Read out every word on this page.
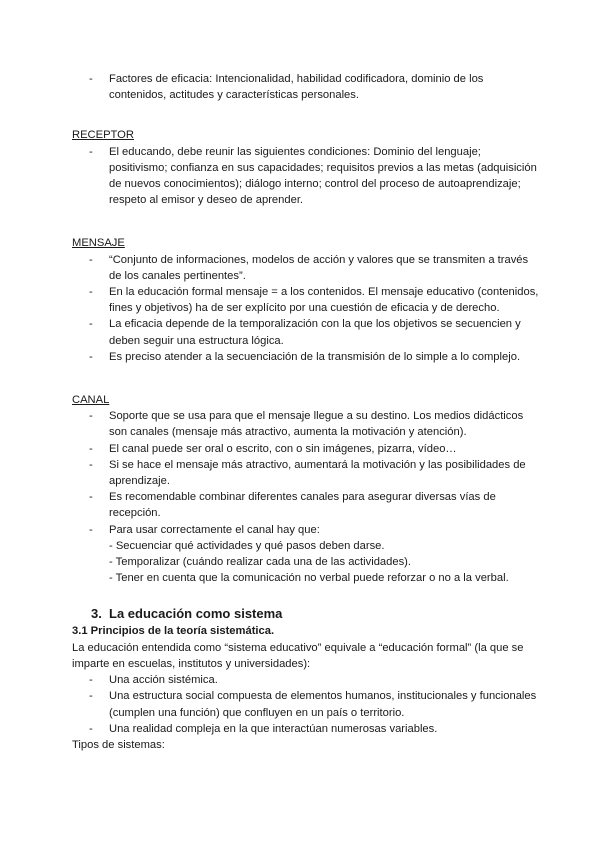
- Factores de eficacia: Intencionalidad, habilidad codificadora, dominio de los contenidos, actitudes y características personales.

RECEPTOR

- El educando, debe reunir las siguientes condiciones: Dominio del lenguaje; positivismo; confianza en sus capacidades; requisitos previos a las metas (adquisición de nuevos conocimientos); diálogo interno; control del proceso de autoaprendizaje; respeto al emisor y deseo de aprender.

MENSAJE

- “Conjunto de informaciones, modelos de acción y valores que se transmiten a través de los canales pertinentes”.
- En la educación formal mensaje = a los contenidos. El mensaje educativo (contenidos, fines y objetivos) ha de ser explícito por una cuestión de eficacia y de derecho.
- La eficacia depende de la temporalización con la que los objetivos se secuencien y deben seguir una estructura lógica.
- Es preciso atender a la secuenciación de la transmisión de lo simple a lo complejo.

CANAL

- Soporte que se usa para que el mensaje llegue a su destino. Los medios didácticos son canales (mensaje más atractivo, aumenta la motivación y atención).
- El canal puede ser oral o escrito, con o sin imágenes, pizarra, vídeo…
- Si se hace el mensaje más atractivo, aumentará la motivación y las posibilidades de aprendizaje.
- Es recomendable combinar diferentes canales para asegurar diversas vías de recepción.
- Para usar correctamente el canal hay que:
- Secuenciar qué actividades y qué pasos deben darse.
- Temporalizar (cuándo realizar cada una de las actividades).
- Tener en cuenta que la comunicación no verbal puede reforzar o no a la verbal.

3. La educación como sistema

3.1 Principios de la teoría sistemática.

La educación entendida como “sistema educativo” equivale a “educación formal” (la que se imparte en escuelas, institutos y universidades):

- Una acción sistémica.
- Una estructura social compuesta de elementos humanos, institucionales y funcionales (cumplen una función) que confluyen en un país o territorio.
- Una realidad compleja en la que interactúan numerosas variables.

Tipos de sistemas:
